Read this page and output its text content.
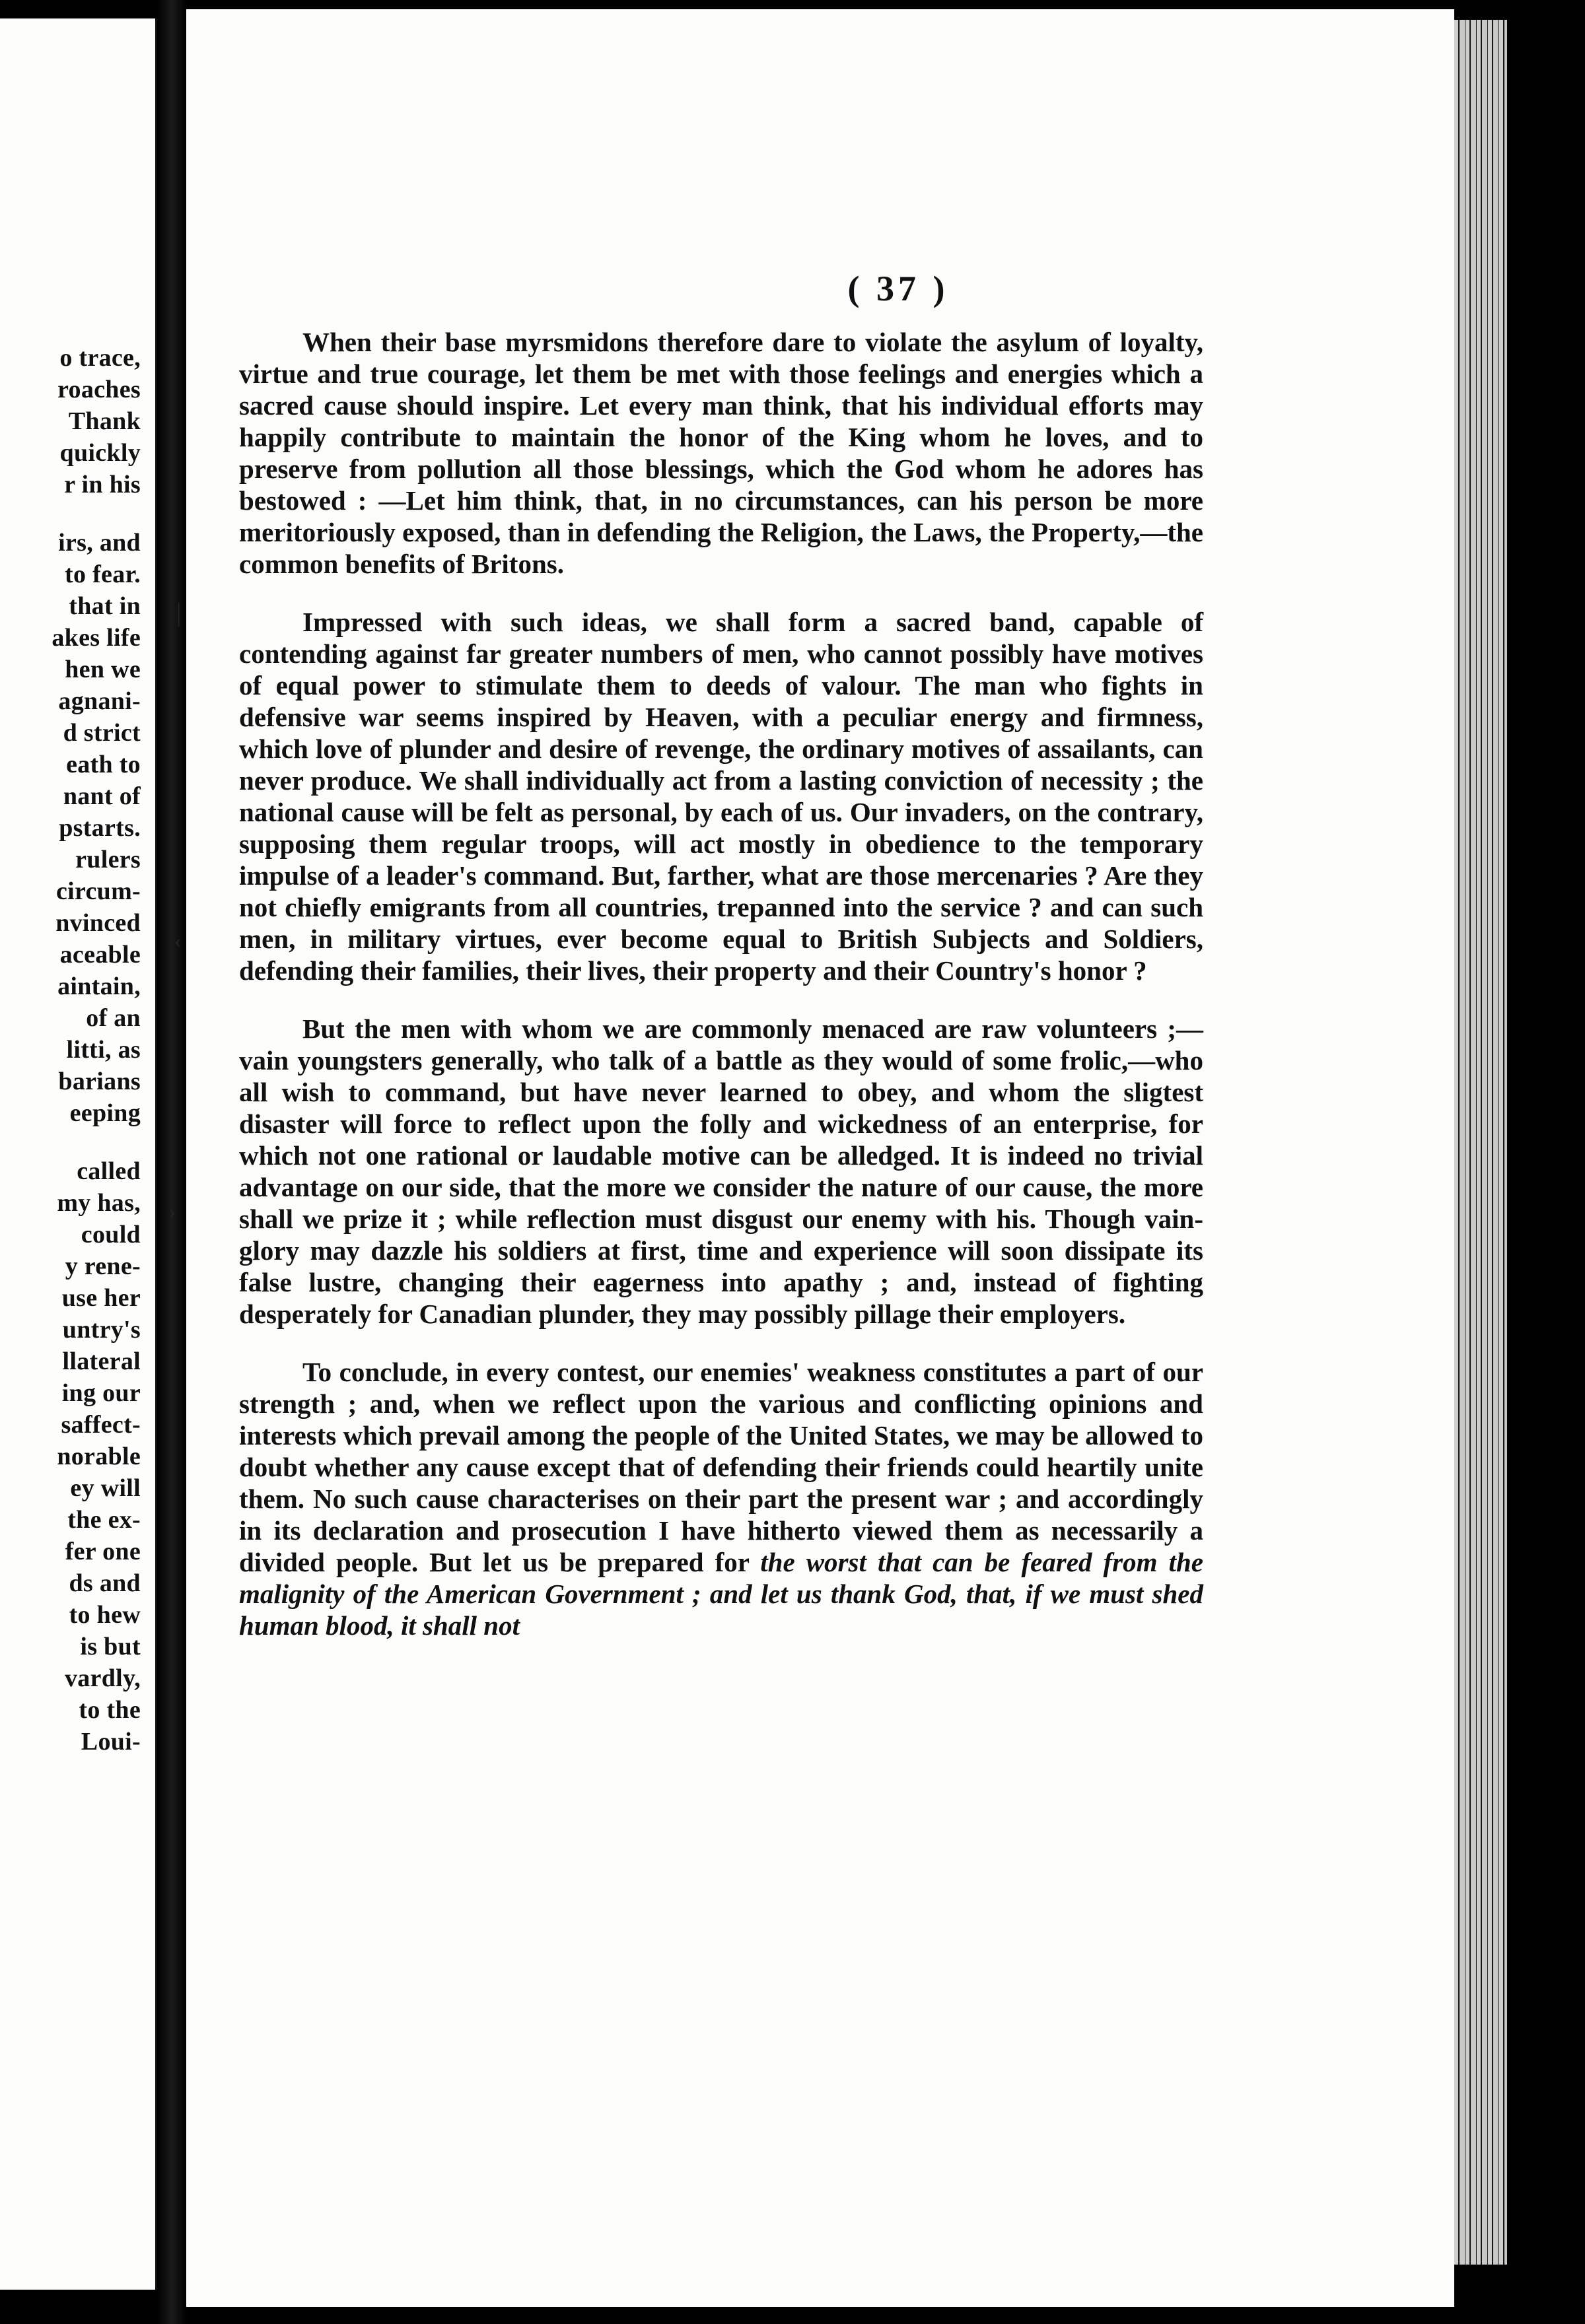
o trace,
roaches
Thank
quickly
r in his
irs, and
to fear.
that in
akes life
hen we
agnani-
d strict
eath to
nant of
pstarts.
rulers
circum-
nvinced
aceable
aintain,
of an
litti, as
barians
eeping
called
my has,
could
y rene-
use her
untry's
llateral
ing our
saffect-
norable
ey will
the ex-
fer one
ds and
to hew
is but
vardly,
to the
Loui-
( 37 )

When their base myrsmidons therefore dare to violate the asylum of loyalty, virtue and true courage, let them be met with those feelings and energies which a sacred cause should inspire. Let every man think, that his individual efforts may happily contribute to maintain the honor of the King whom he loves, and to preserve from pollution all those blessings, which the God whom he adores has bestowed : —Let him think, that, in no circumstances, can his person be more meritoriously exposed, than in defending the Religion, the Laws, the Property,—the common benefits of Britons.

Impressed with such ideas, we shall form a sacred band, capable of contending against far greater numbers of men, who cannot possibly have motives of equal power to stimulate them to deeds of valour. The man who fights in defensive war seems inspired by Heaven, with a peculiar energy and firmness, which love of plunder and desire of revenge, the ordinary motives of assailants, can never produce. We shall individually act from a lasting conviction of necessity ; the national cause will be felt as personal, by each of us. Our invaders, on the contrary, supposing them regular troops, will act mostly in obedience to the temporary impulse of a leader's command. But, farther, what are those mercenaries ? Are they not chiefly emigrants from all countries, trepanned into the service ? and can such men, in military virtues, ever become equal to British Subjects and Soldiers, defending their families, their lives, their property and their Country's honor ?

But the men with whom we are commonly menaced are raw volunteers ;—vain youngsters generally, who talk of a battle as they would of some frolic,—who all wish to command, but have never learned to obey, and whom the sligtest disaster will force to reflect upon the folly and wickedness of an enterprise, for which not one rational or laudable motive can be alledged. It is indeed no trivial advantage on our side, that the more we consider the nature of our cause, the more shall we prize it ; while reflection must disgust our enemy with his. Though vain-glory may dazzle his soldiers at first, time and experience will soon dissipate its false lustre, changing their eagerness into apathy ; and, instead of fighting desperately for Canadian plunder, they may possibly pillage their employers.

To conclude, in every contest, our enemies' weakness constitutes a part of our strength ; and, when we reflect upon the various and conflicting opinions and interests which prevail among the people of the United States, we may be allowed to doubt whether any cause except that of defending their friends could heartily unite them. No such cause characterises on their part the present war ; and accordingly in its declaration and prosecution I have hitherto viewed them as necessarily a divided people. But let us be prepared for the worst that can be feared from the malignity of the American Government ; and let us thank God, that, if we must shed human blood, it shall not

│
‹
›
